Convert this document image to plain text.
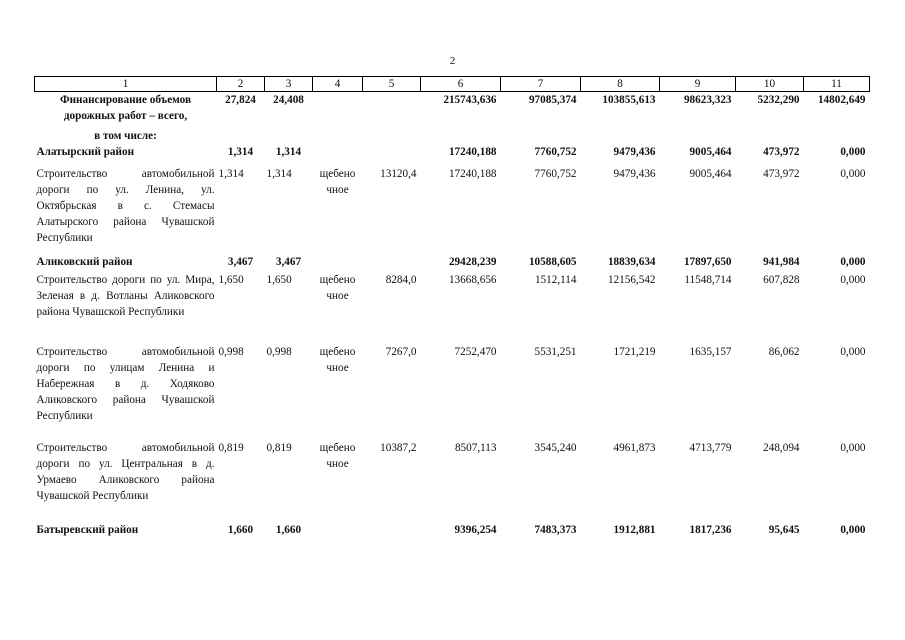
2
1	2	3	4	5	6	7	8	9	10	11
Финансирование объемов дорожных работ – всего,	27,824	24,408			215743,636	97085,374	103855,613	98623,323	5232,290	14802,649
в том числе:										
Алатырский район	1,314	1,314			17240,188	7760,752	9479,436	9005,464	473,972	0,000
Строительство автомобильной дороги по ул. Ленина, ул. Октябрьская в с. Стемасы Алатырского района Чувашской Республики	1,314	1,314	щебеночное	13120,4	17240,188	7760,752	9479,436	9005,464	473,972	0,000
Аликовский район	3,467	3,467			29428,239	10588,605	18839,634	17897,650	941,984	0,000
Строительство дороги по ул. Мира, Зеленая в д. Вотланы Аликовского района Чувашской Республики	1,650	1,650	щебеночное	8284,0	13668,656	1512,114	12156,542	11548,714	607,828	0,000
Строительство автомобильной дороги по улицам Ленина и Набережная в д. Ходяково Аликовского района Чувашской Республики	0,998	0,998	щебеночное	7267,0	7252,470	5531,251	1721,219	1635,157	86,062	0,000
Строительство автомобильной дороги по ул. Центральная в д. Урмаево Аликовского района Чувашской Республики	0,819	0,819	щебеночное	10387,2	8507,113	3545,240	4961,873	4713,779	248,094	0,000
Батыревский район	1,660	1,660			9396,254	7483,373	1912,881	1817,236	95,645	0,000
